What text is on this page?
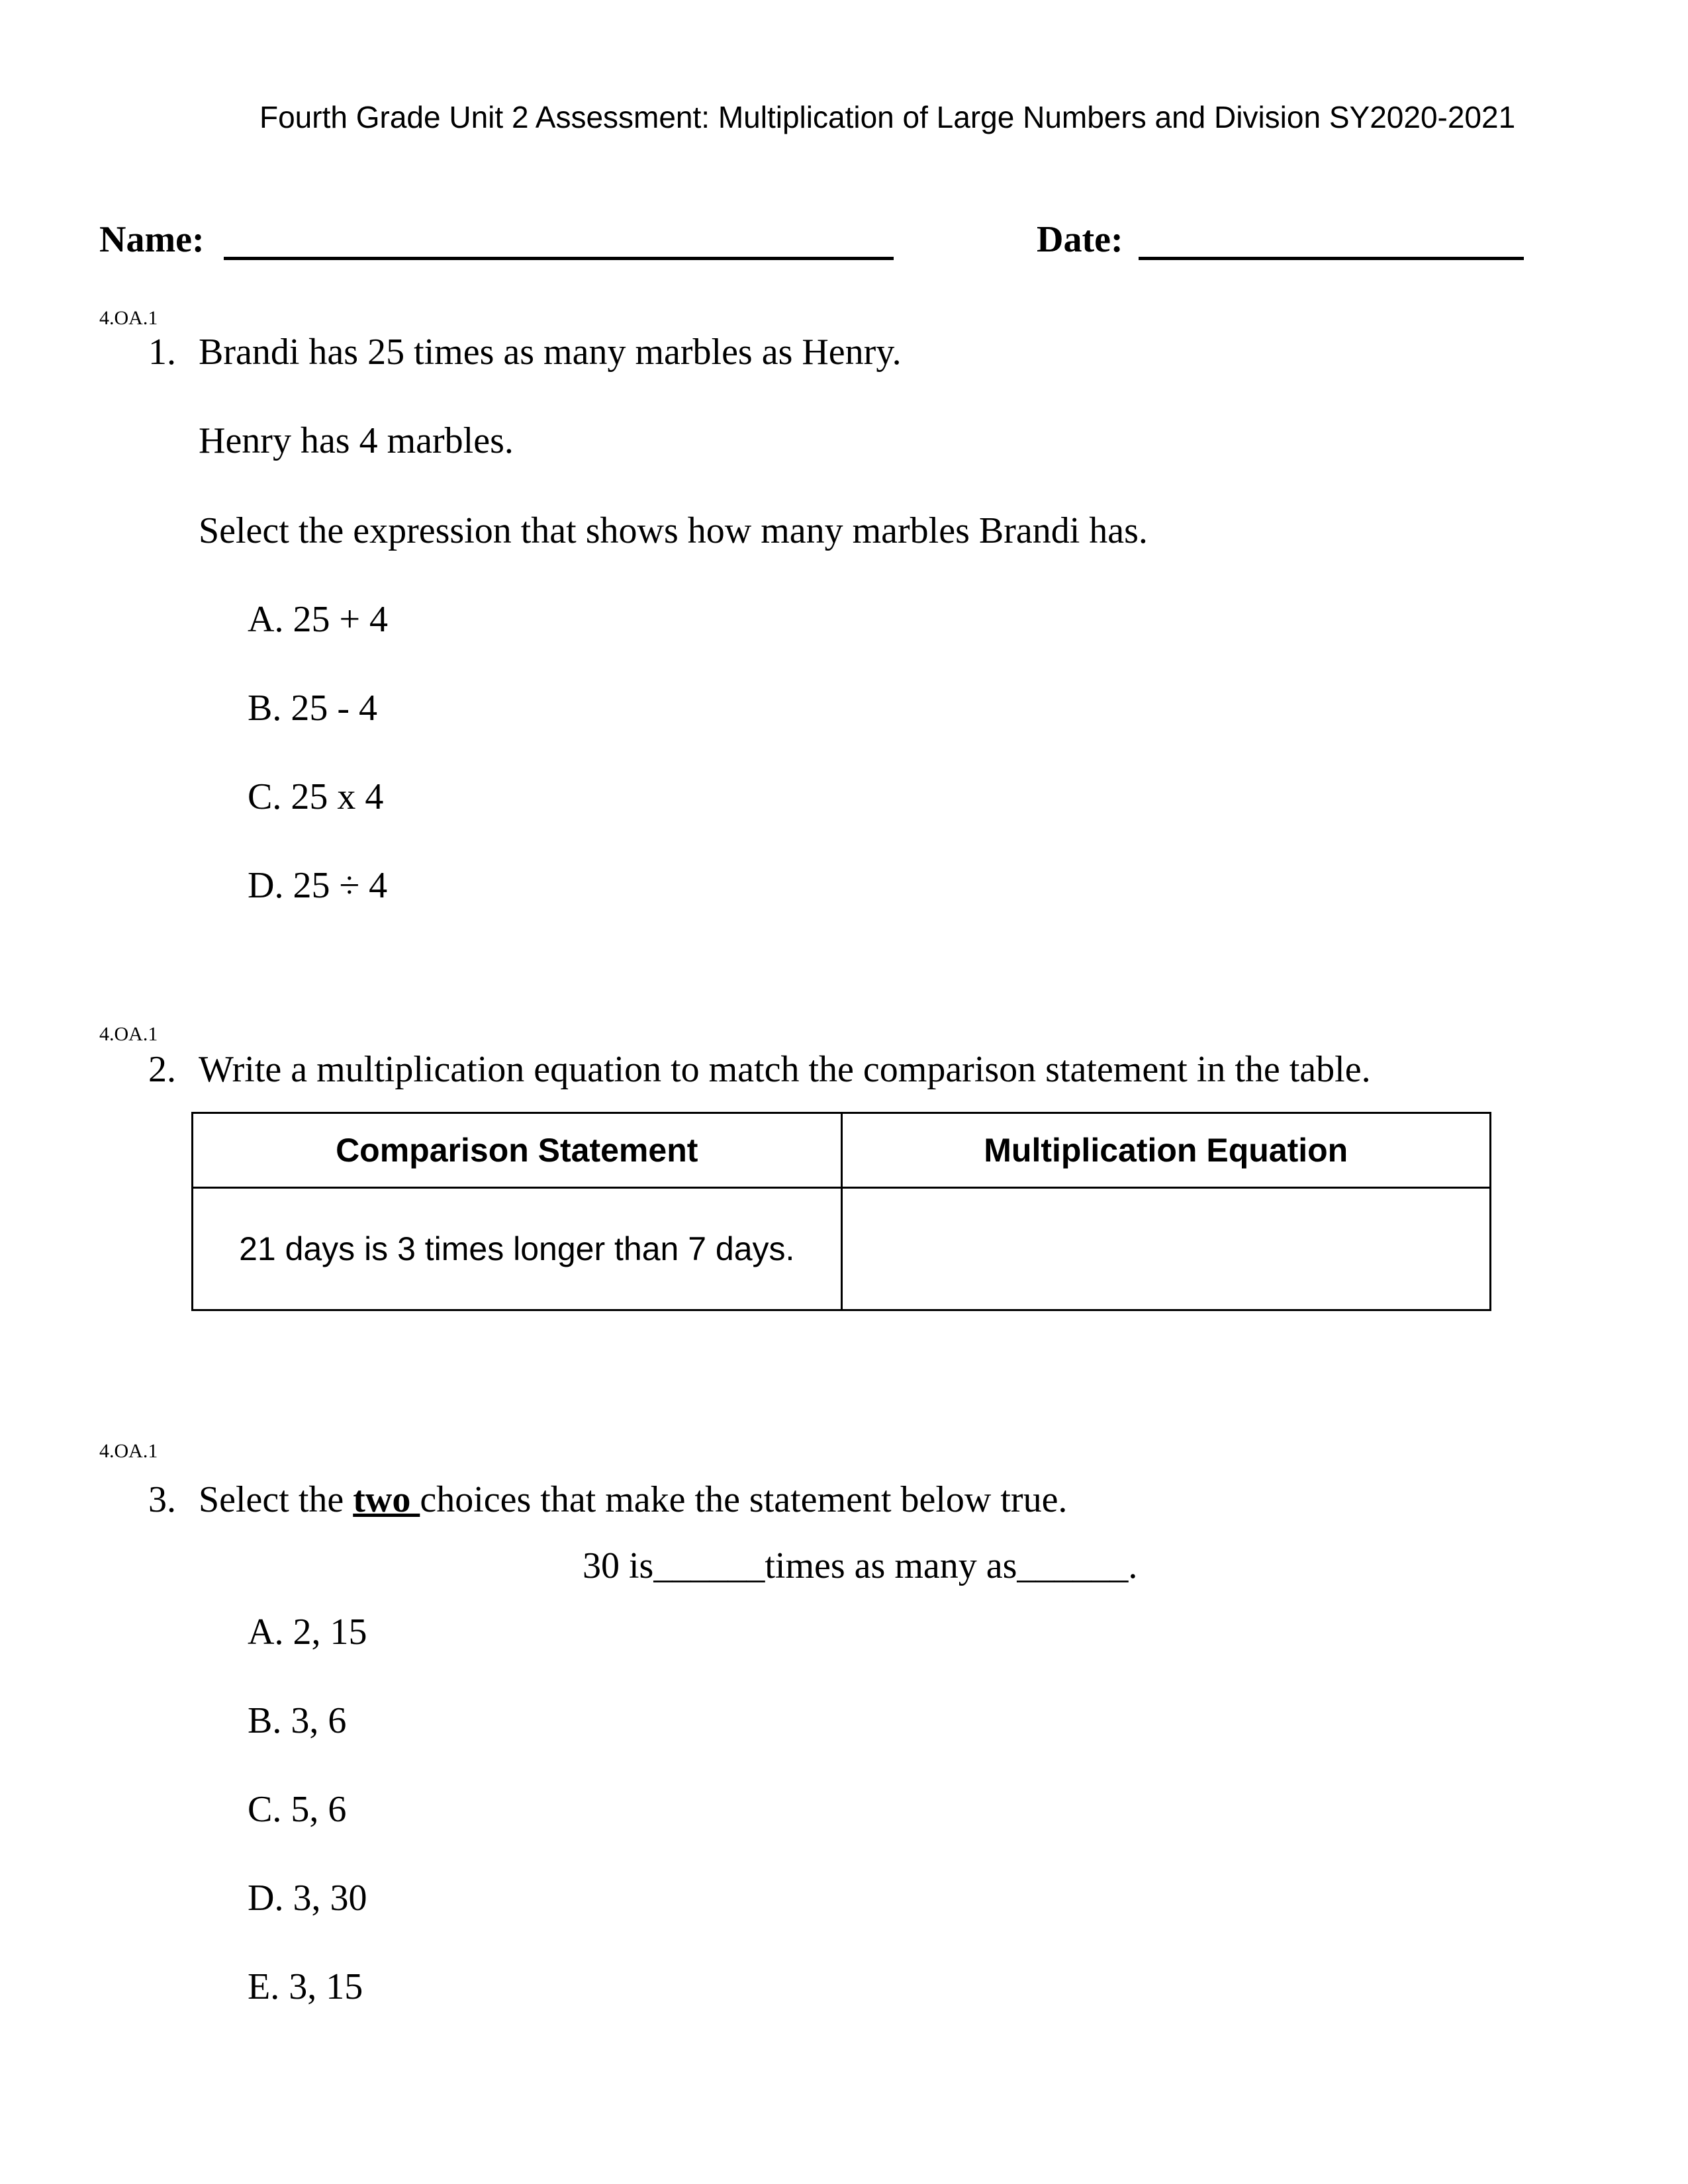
Fourth Grade Unit 2 Assessment: Multiplication of Large Numbers and Division SY2020-2021
Name:	Date:
4.OA.1
1. Brandi has 25 times as many marbles as Henry.
Henry has 4 marbles.
Select the expression that shows how many marbles Brandi has.
A. 25 + 4
B. 25 - 4
C. 25 x 4
D. 25 ÷ 4
4.OA.1
2. Write a multiplication equation to match the comparison statement in the table.
Comparison Statement	Multiplication Equation
21 days is 3 times longer than 7 days.	
4.OA.1
3. Select the two choices that make the statement below true.
30 is______times as many as______.
A. 2, 15
B. 3, 6
C. 5, 6
D. 3, 30
E. 3, 15
